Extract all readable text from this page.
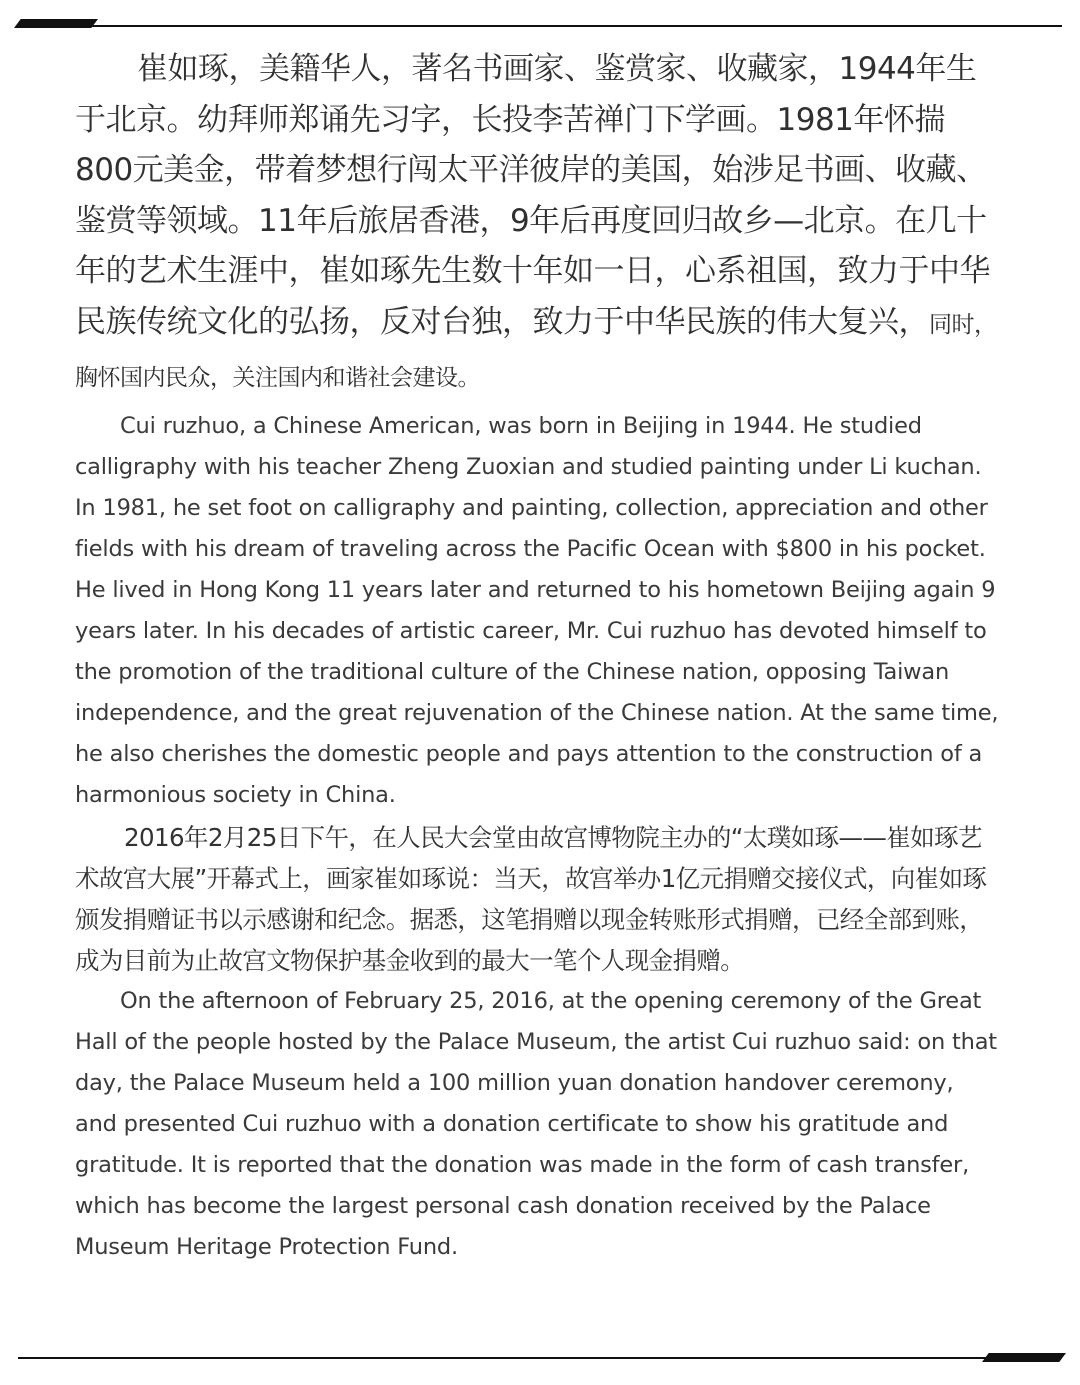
崔如琢，美籍华人，著名书画家、鉴赏家、收藏家，1944年生于北京。幼拜师郑诵先习字，长投李苦禅门下学画。1981年怀揣800元美金，带着梦想行闯太平洋彼岸的美国，始涉足书画、收藏、鉴赏等领域。11年后旅居香港，9年后再度回归故乡—北京。在几十年的艺术生涯中，崔如琢先生数十年如一日，心系祖国，致力于中华民族传统文化的弘扬，反对台独，致力于中华民族的伟大复兴，同时，胸怀国内民众，关注国内和谐社会建设。

Cui ruzhuo, a Chinese American, was born in Beijing in 1944. He studied calligraphy with his teacher Zheng Zuoxian and studied painting under Li kuchan. In 1981, he set foot on calligraphy and painting, collection, appreciation and other fields with his dream of traveling across the Pacific Ocean with $800 in his pocket. He lived in Hong Kong 11 years later and returned to his hometown Beijing again 9 years later. In his decades of artistic career, Mr. Cui ruzhuo has devoted himself to the promotion of the traditional culture of the Chinese nation, opposing Taiwan independence, and the great rejuvenation of the Chinese nation. At the same time, he also cherishes the domestic people and pays attention to the construction of a harmonious society in China.

2016年2月25日下午，在人民大会堂由故宫博物院主办的“太璞如琢——崔如琢艺术故宫大展”开幕式上，画家崔如琢说：当天，故宫举办1亿元捐赠交接仪式，向崔如琢颁发捐赠证书以示感谢和纪念。据悉，这笔捐赠以现金转账形式捐赠，已经全部到账，成为目前为止故宫文物保护基金收到的最大一笔个人现金捐赠。

On the afternoon of February 25, 2016, at the opening ceremony of the Great Hall of the people hosted by the Palace Museum, the artist Cui ruzhuo said: on that day, the Palace Museum held a 100 million yuan donation handover ceremony, and presented Cui ruzhuo with a donation certificate to show his gratitude and gratitude. It is reported that the donation was made in the form of cash transfer, which has become the largest personal cash donation received by the Palace Museum Heritage Protection Fund.
